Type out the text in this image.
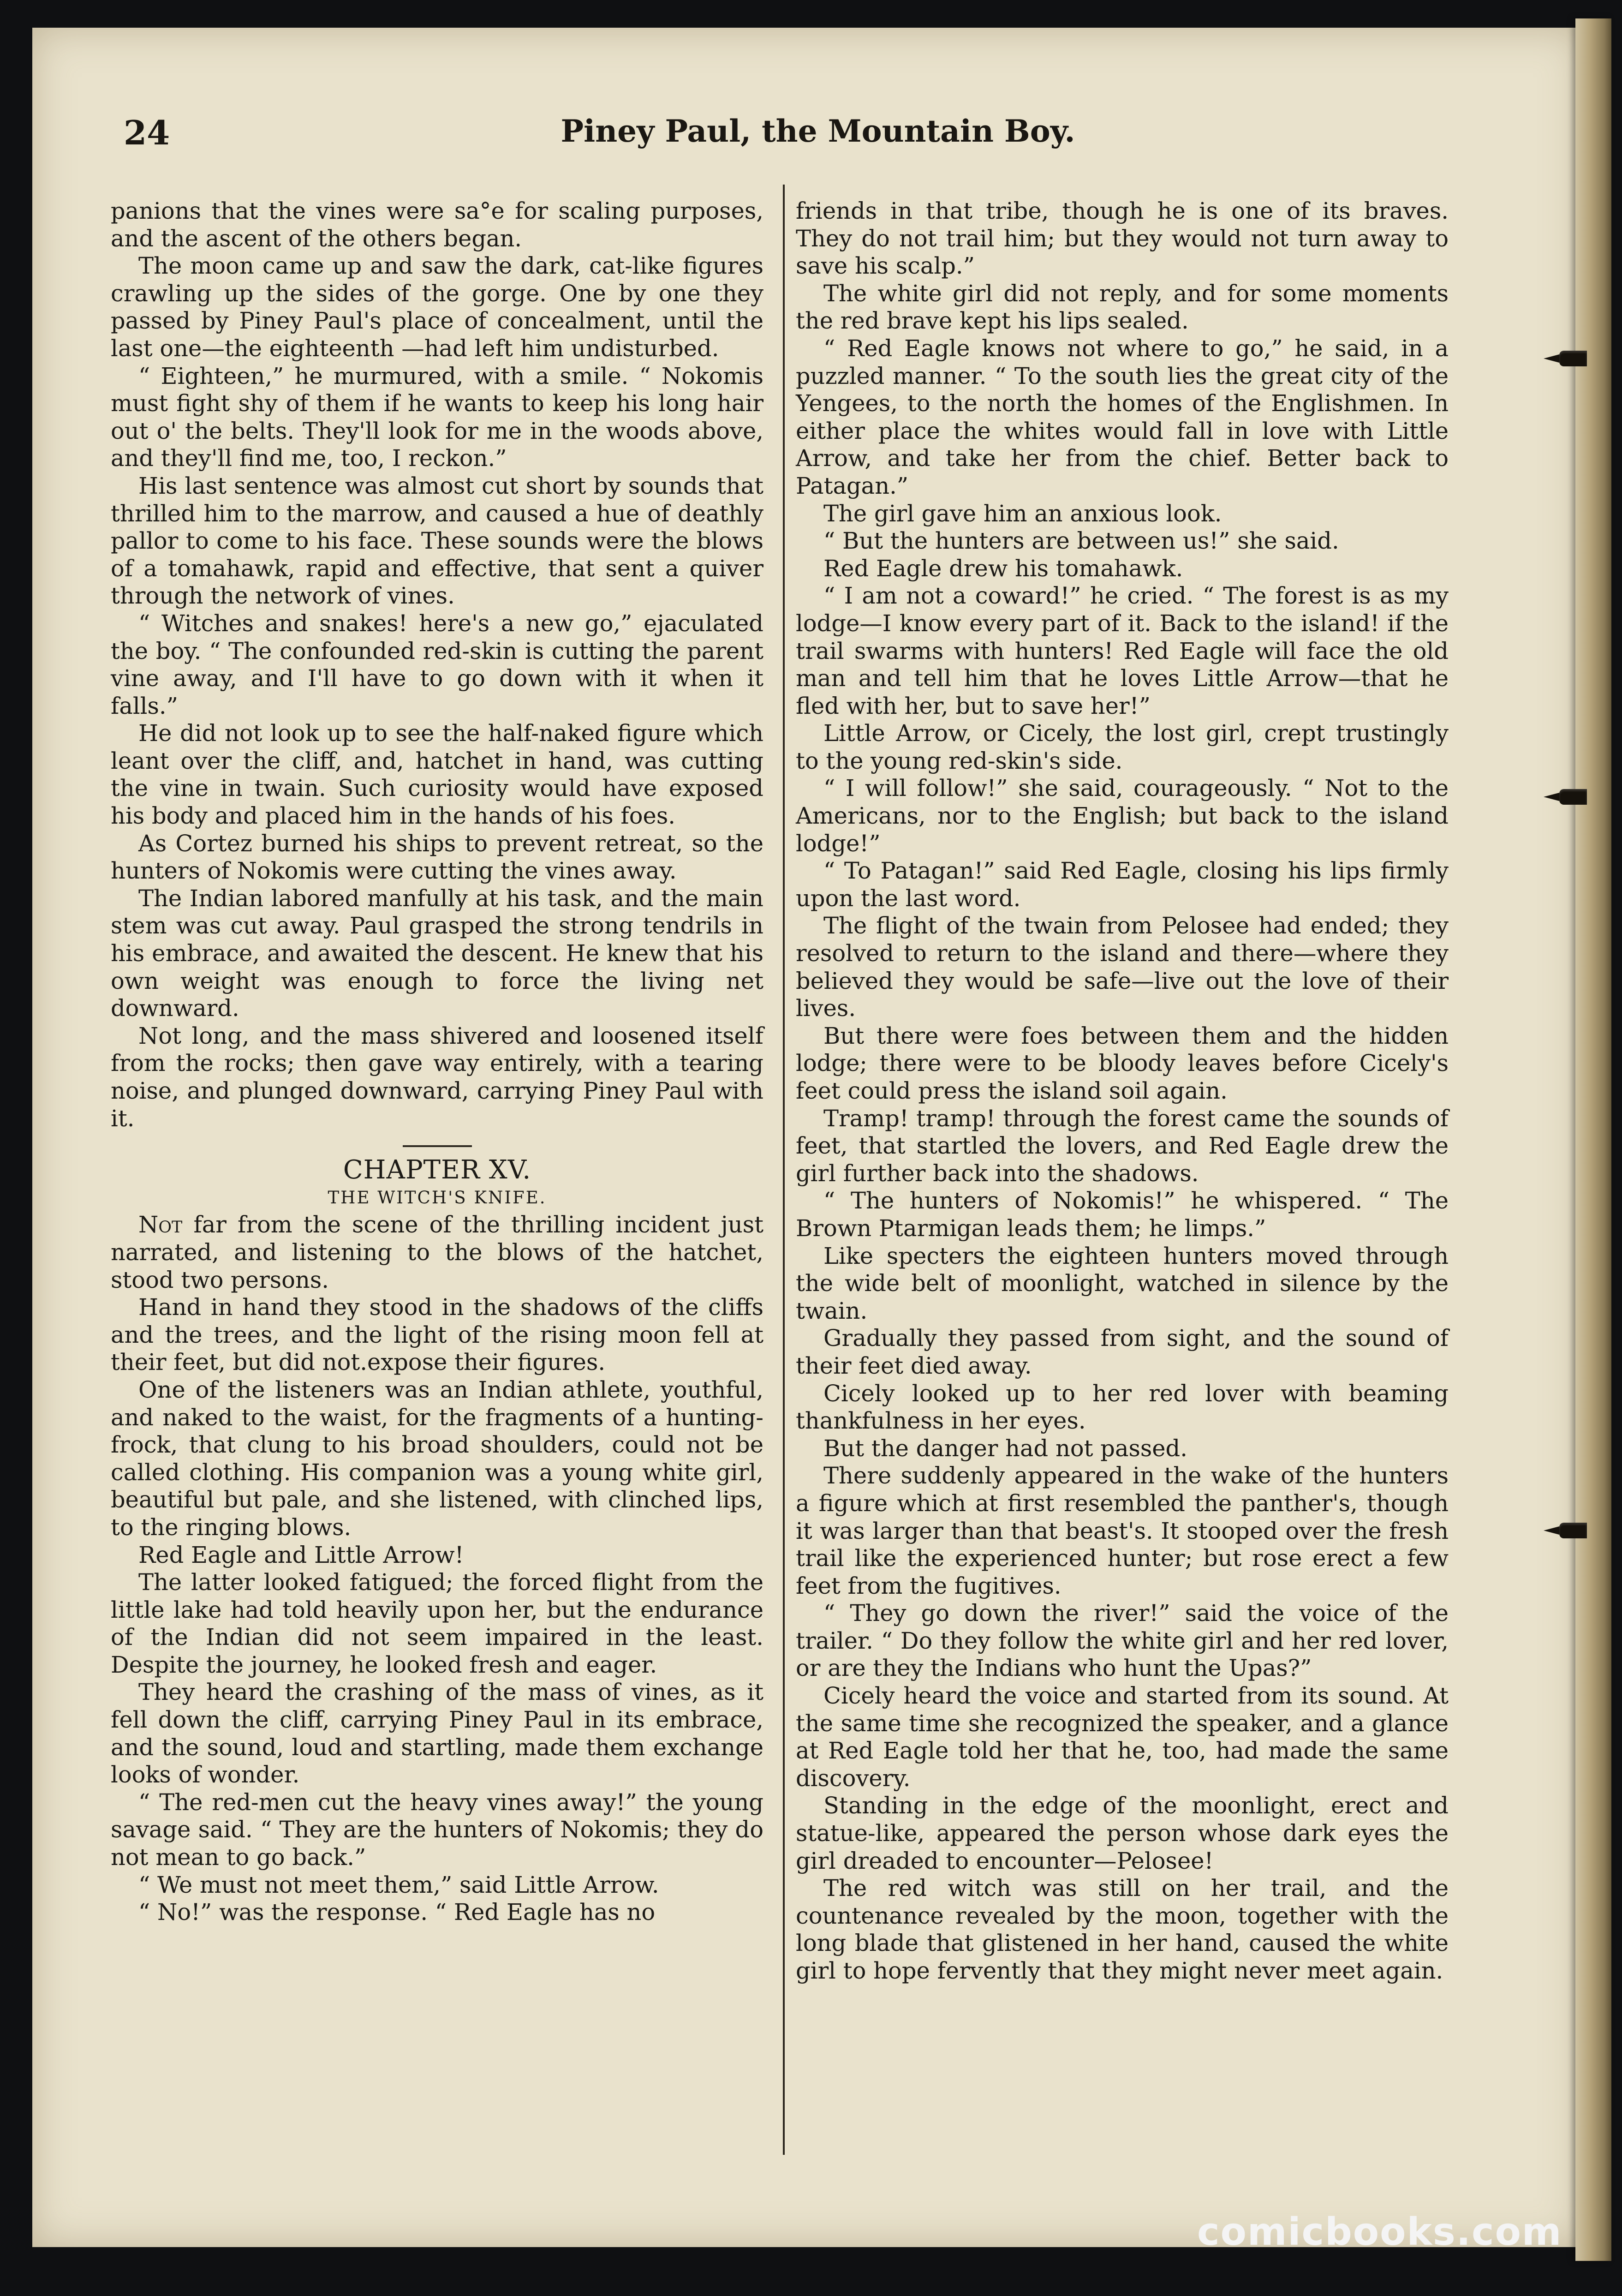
24	Piney Paul, the Mountain Boy.

panions that the vines were sa°e for scaling purposes, and the ascent of the others began.

The moon came up and saw the dark, cat-like figures crawling up the sides of the gorge. One by one they passed by Piney Paul's place of concealment, until the last one—the eighteenth —had left him undisturbed.

“ Eighteen,” he murmured, with a smile. “ Nokomis must fight shy of them if he wants to keep his long hair out o' the belts. They'll look for me in the woods above, and they'll find me, too, I reckon.”

His last sentence was almost cut short by sounds that thrilled him to the marrow, and caused a hue of deathly pallor to come to his face. These sounds were the blows of a tomahawk, rapid and effective, that sent a quiver through the network of vines.

“ Witches and snakes! here's a new go,” ejaculated the boy. “ The confounded red-skin is cutting the parent vine away, and I'll have to go down with it when it falls.”

He did not look up to see the half-naked figure which leant over the cliff, and, hatchet in hand, was cutting the vine in twain. Such curiosity would have exposed his body and placed him in the hands of his foes.

As Cortez burned his ships to prevent retreat, so the hunters of Nokomis were cutting the vines away.

The Indian labored manfully at his task, and the main stem was cut away. Paul grasped the strong tendrils in his embrace, and awaited the descent. He knew that his own weight was enough to force the living net downward.

Not long, and the mass shivered and loosened itself from the rocks; then gave way entirely, with a tearing noise, and plunged downward, carrying Piney Paul with it.

CHAPTER XV.

THE WITCH'S KNIFE.

Not far from the scene of the thrilling incident just narrated, and listening to the blows of the hatchet, stood two persons.

Hand in hand they stood in the shadows of the cliffs and the trees, and the light of the rising moon fell at their feet, but did not.expose their figures.

One of the listeners was an Indian athlete, youthful, and naked to the waist, for the fragments of a hunting-frock, that clung to his broad shoulders, could not be called clothing. His companion was a young white girl, beautiful but pale, and she listened, with clinched lips, to the ringing blows.

Red Eagle and Little Arrow!

The latter looked fatigued; the forced flight from the little lake had told heavily upon her, but the endurance of the Indian did not seem impaired in the least. Despite the journey, he looked fresh and eager.

They heard the crashing of the mass of vines, as it fell down the cliff, carrying Piney Paul in its embrace, and the sound, loud and startling, made them exchange looks of wonder.

“ The red-men cut the heavy vines away!” the young savage said. “ They are the hunters of Nokomis; they do not mean to go back.”

“ We must not meet them,” said Little Arrow.

“ No!” was the response. “ Red Eagle has no

friends in that tribe, though he is one of its braves. They do not trail him; but they would not turn away to save his scalp.”

The white girl did not reply, and for some moments the red brave kept his lips sealed.

“ Red Eagle knows not where to go,” he said, in a puzzled manner. “ To the south lies the great city of the Yengees, to the north the homes of the Englishmen. In either place the whites would fall in love with Little Arrow, and take her from the chief. Better back to Patagan.”

The girl gave him an anxious look.

“ But the hunters are between us!” she said.

Red Eagle drew his tomahawk.

“ I am not a coward!” he cried. “ The forest is as my lodge—I know every part of it. Back to the island! if the trail swarms with hunters! Red Eagle will face the old man and tell him that he loves Little Arrow—that he fled with her, but to save her!”

Little Arrow, or Cicely, the lost girl, crept trustingly to the young red-skin's side.

“ I will follow!” she said, courageously. “ Not to the Americans, nor to the English; but back to the island lodge!”

“ To Patagan!” said Red Eagle, closing his lips firmly upon the last word.

The flight of the twain from Pelosee had ended; they resolved to return to the island and there—where they believed they would be safe—live out the love of their lives.

But there were foes between them and the hidden lodge; there were to be bloody leaves before Cicely's feet could press the island soil again.

Tramp! tramp! through the forest came the sounds of feet, that startled the lovers, and Red Eagle drew the girl further back into the shadows.

“ The hunters of Nokomis!” he whispered. “ The Brown Ptarmigan leads them; he limps.”

Like specters the eighteen hunters moved through the wide belt of moonlight, watched in silence by the twain.

Gradually they passed from sight, and the sound of their feet died away.

Cicely looked up to her red lover with beaming thankfulness in her eyes.

But the danger had not passed.

There suddenly appeared in the wake of the hunters a figure which at first resembled the panther's, though it was larger than that beast's. It stooped over the fresh trail like the experienced hunter; but rose erect a few feet from the fugitives.

“ They go down the river!” said the voice of the trailer. “ Do they follow the white girl and her red lover, or are they the Indians who hunt the Upas?”

Cicely heard the voice and started from its sound. At the same time she recognized the speaker, and a glance at Red Eagle told her that he, too, had made the same discovery.

Standing in the edge of the moonlight, erect and statue-like, appeared the person whose dark eyes the girl dreaded to encounter—Pelosee!

The red witch was still on her trail, and the countenance revealed by the moon, together with the long blade that glistened in her hand, caused the white girl to hope fervently that they might never meet again.

comicbooks.com
